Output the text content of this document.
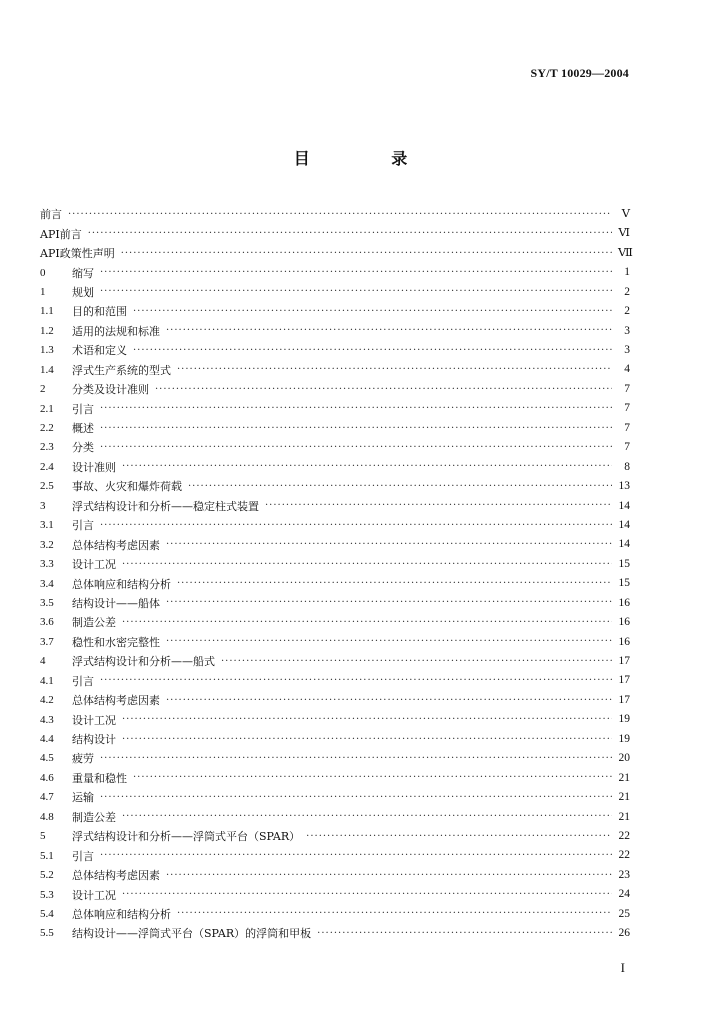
SY/T 10029—2004
目 录
前言 ·····	Ⅴ
API前言 ·····	Ⅵ
API政策性声明 ·····	Ⅶ
0	缩写 ·····	1
1	规划 ·····	2
1.1	目的和范围 ·····	2
1.2	适用的法规和标准 ·····	3
1.3	术语和定义 ·····	3
1.4	浮式生产系统的型式 ·····	4
2	分类及设计准则 ·····	7
2.1	引言 ·····	7
2.2	概述 ·····	7
2.3	分类 ·····	7
2.4	设计准则 ·····	8
2.5	事故、火灾和爆炸荷载 ·····	13
3	浮式结构设计和分析——稳定柱式装置 ·····	14
3.1	引言 ·····	14
3.2	总体结构考虑因素 ·····	14
3.3	设计工况 ·····	15
3.4	总体响应和结构分析 ·····	15
3.5	结构设计——船体 ·····	16
3.6	制造公差 ·····	16
3.7	稳性和水密完整性 ·····	16
4	浮式结构设计和分析——船式 ·····	17
4.1	引言 ·····	17
4.2	总体结构考虑因素 ·····	17
4.3	设计工况 ·····	19
4.4	结构设计 ·····	19
4.5	疲劳 ·····	20
4.6	重量和稳性 ·····	21
4.7	运输 ·····	21
4.8	制造公差 ·····	21
5	浮式结构设计和分析——浮筒式平台（SPAR） ·····	22
5.1	引言 ·····	22
5.2	总体结构考虑因素 ·····	23
5.3	设计工况 ·····	24
5.4	总体响应和结构分析 ·····	25
5.5	结构设计——浮筒式平台（SPAR）的浮筒和甲板 ·····	26
I
